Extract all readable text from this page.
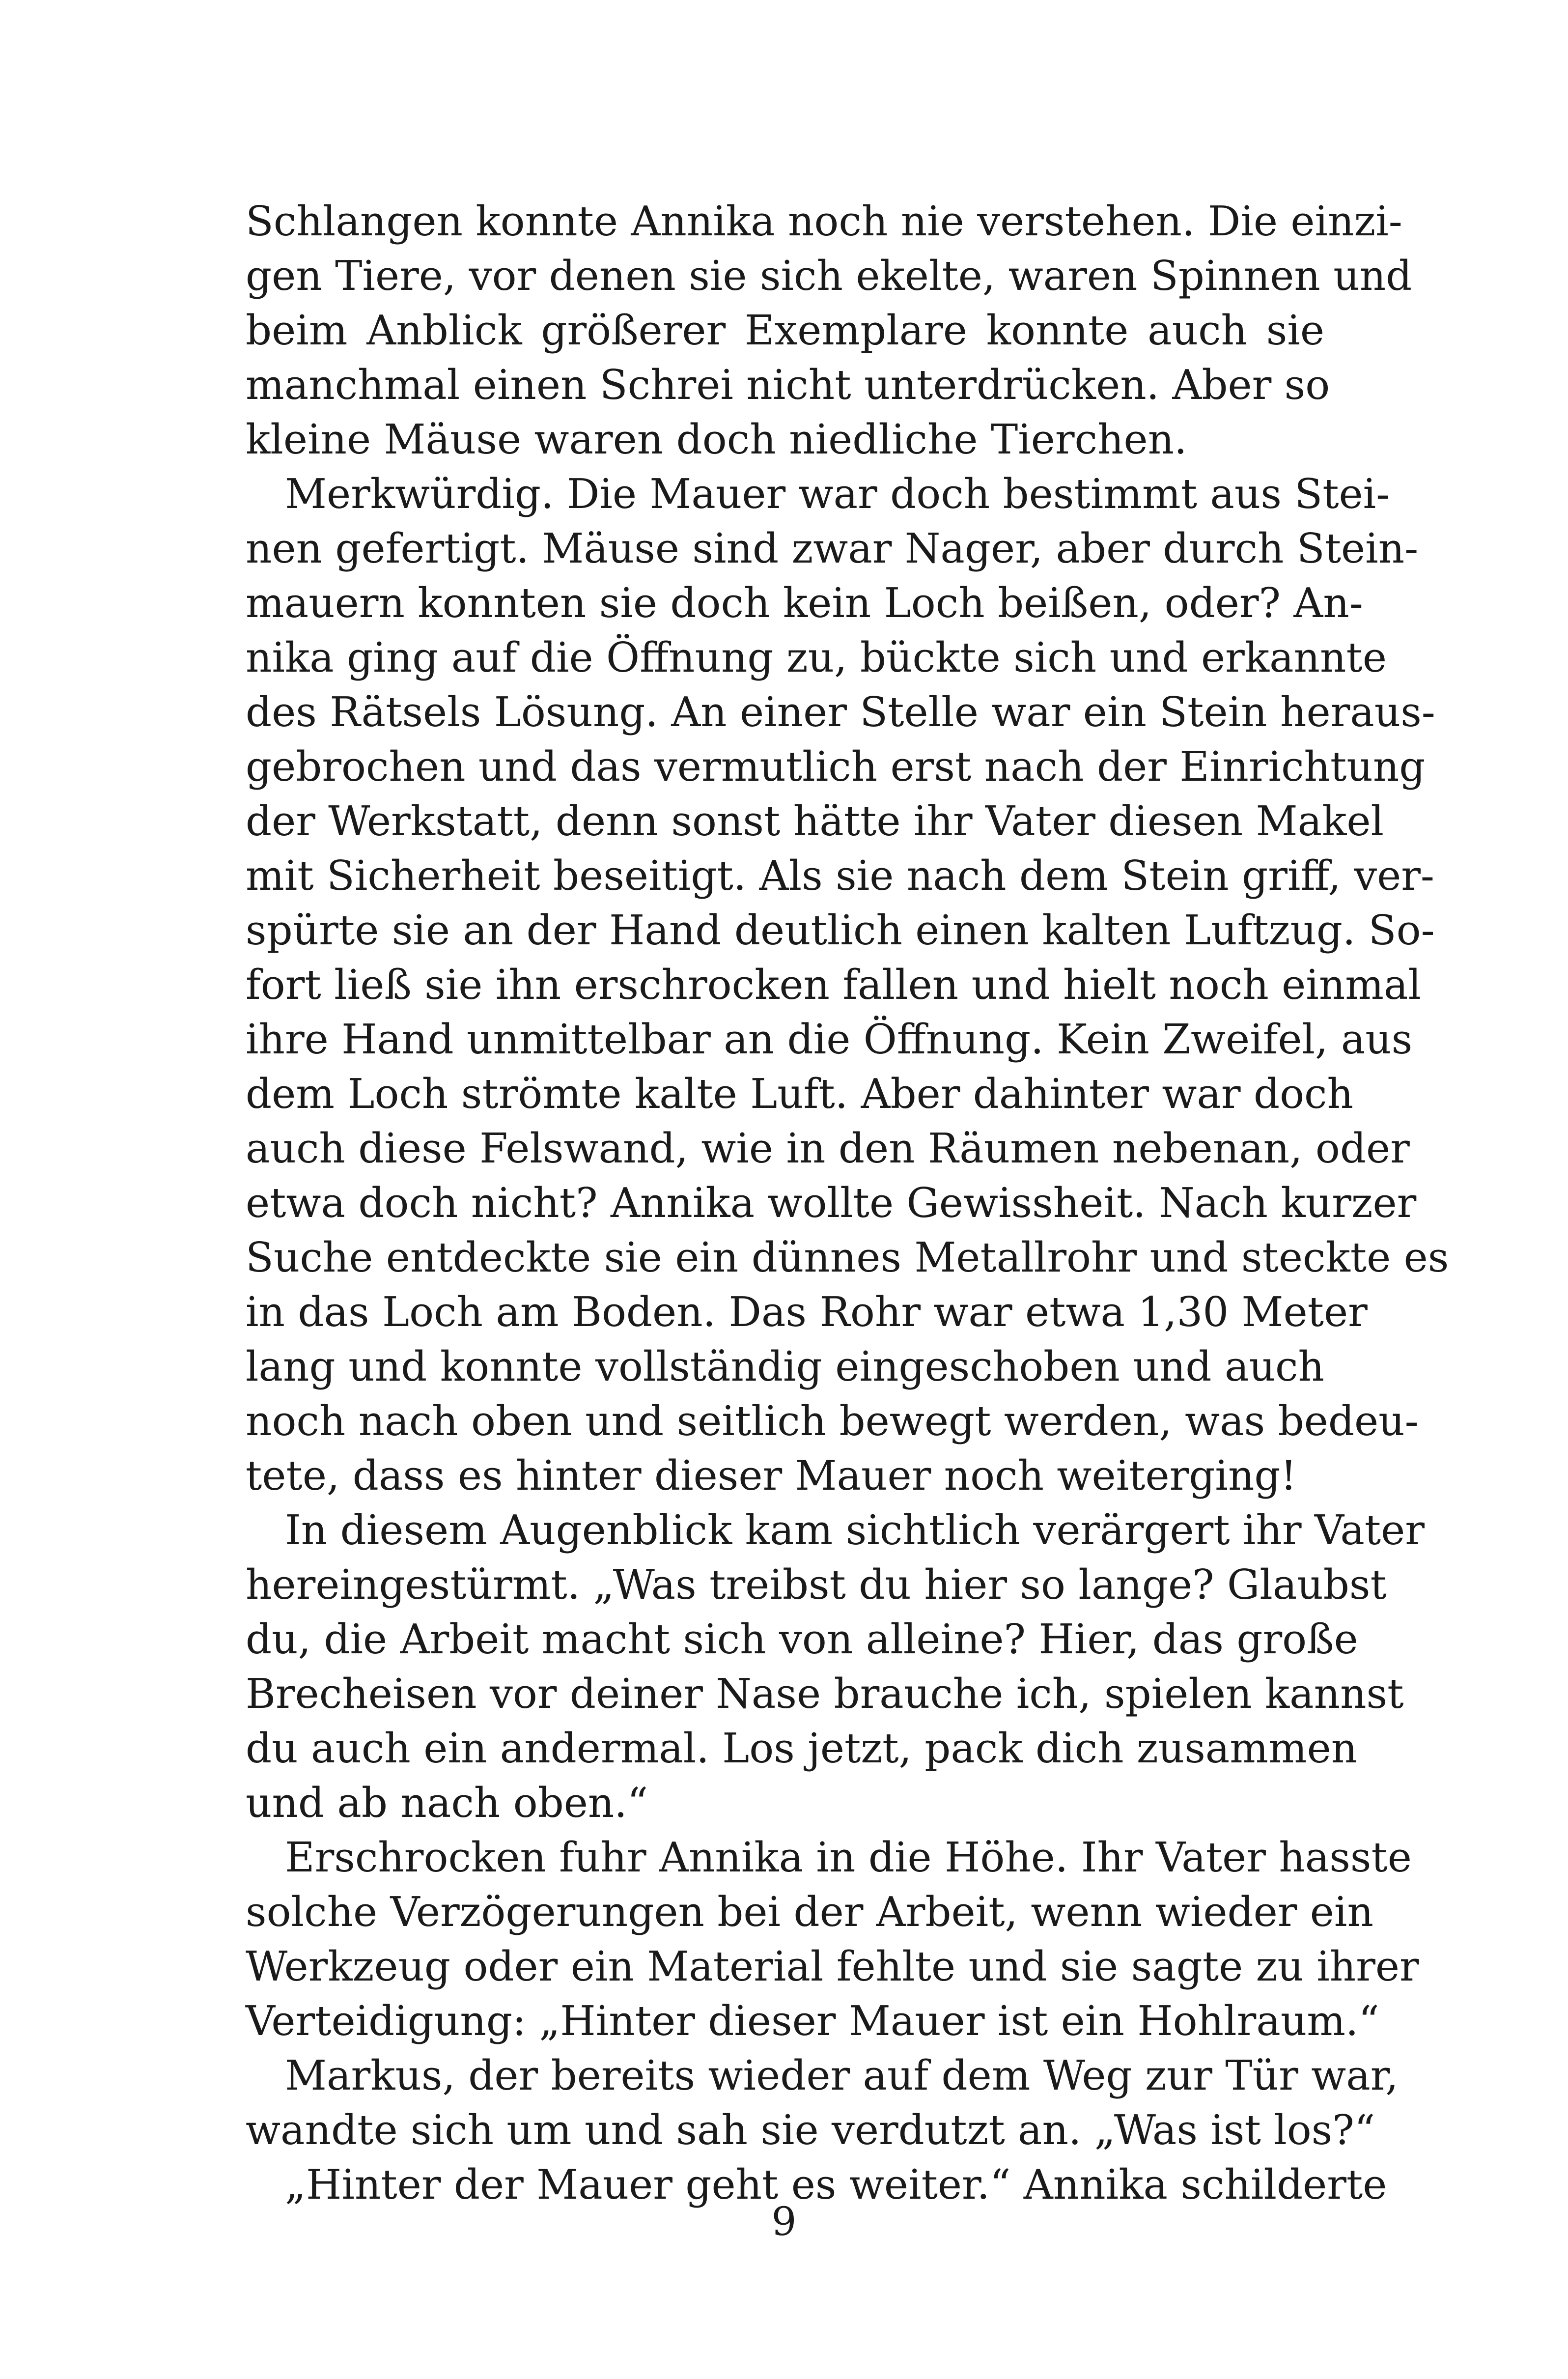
Schlangen konnte Annika noch nie verstehen. Die einzi-
gen Tiere, vor denen sie sich ekelte, waren Spinnen und
beim Anblick größerer Exemplare konnte auch sie
manchmal einen Schrei nicht unterdrücken. Aber so
kleine Mäuse waren doch niedliche Tierchen.
Merkwürdig. Die Mauer war doch bestimmt aus Stei-
nen gefertigt. Mäuse sind zwar Nager, aber durch Stein-
mauern konnten sie doch kein Loch beißen, oder? An-
nika ging auf die Öffnung zu, bückte sich und erkannte
des Rätsels Lösung. An einer Stelle war ein Stein heraus-
gebrochen und das vermutlich erst nach der Einrichtung
der Werkstatt, denn sonst hätte ihr Vater diesen Makel
mit Sicherheit beseitigt. Als sie nach dem Stein griff, ver-
spürte sie an der Hand deutlich einen kalten Luftzug. So-
fort ließ sie ihn erschrocken fallen und hielt noch einmal
ihre Hand unmittelbar an die Öffnung. Kein Zweifel, aus
dem Loch strömte kalte Luft. Aber dahinter war doch
auch diese Felswand, wie in den Räumen nebenan, oder
etwa doch nicht? Annika wollte Gewissheit. Nach kurzer
Suche entdeckte sie ein dünnes Metallrohr und steckte es
in das Loch am Boden. Das Rohr war etwa 1,30 Meter
lang und konnte vollständig eingeschoben und auch
noch nach oben und seitlich bewegt werden, was bedeu-
tete, dass es hinter dieser Mauer noch weiterging!
In diesem Augenblick kam sichtlich verärgert ihr Vater
hereingestürmt. „Was treibst du hier so lange? Glaubst
du, die Arbeit macht sich von alleine? Hier, das große
Brecheisen vor deiner Nase brauche ich, spielen kannst
du auch ein andermal. Los jetzt, pack dich zusammen
und ab nach oben.“
Erschrocken fuhr Annika in die Höhe. Ihr Vater hasste
solche Verzögerungen bei der Arbeit, wenn wieder ein
Werkzeug oder ein Material fehlte und sie sagte zu ihrer
Verteidigung: „Hinter dieser Mauer ist ein Hohlraum.“
Markus, der bereits wieder auf dem Weg zur Tür war,
wandte sich um und sah sie verdutzt an. „Was ist los?“
„Hinter der Mauer geht es weiter.“ Annika schilderte
9
